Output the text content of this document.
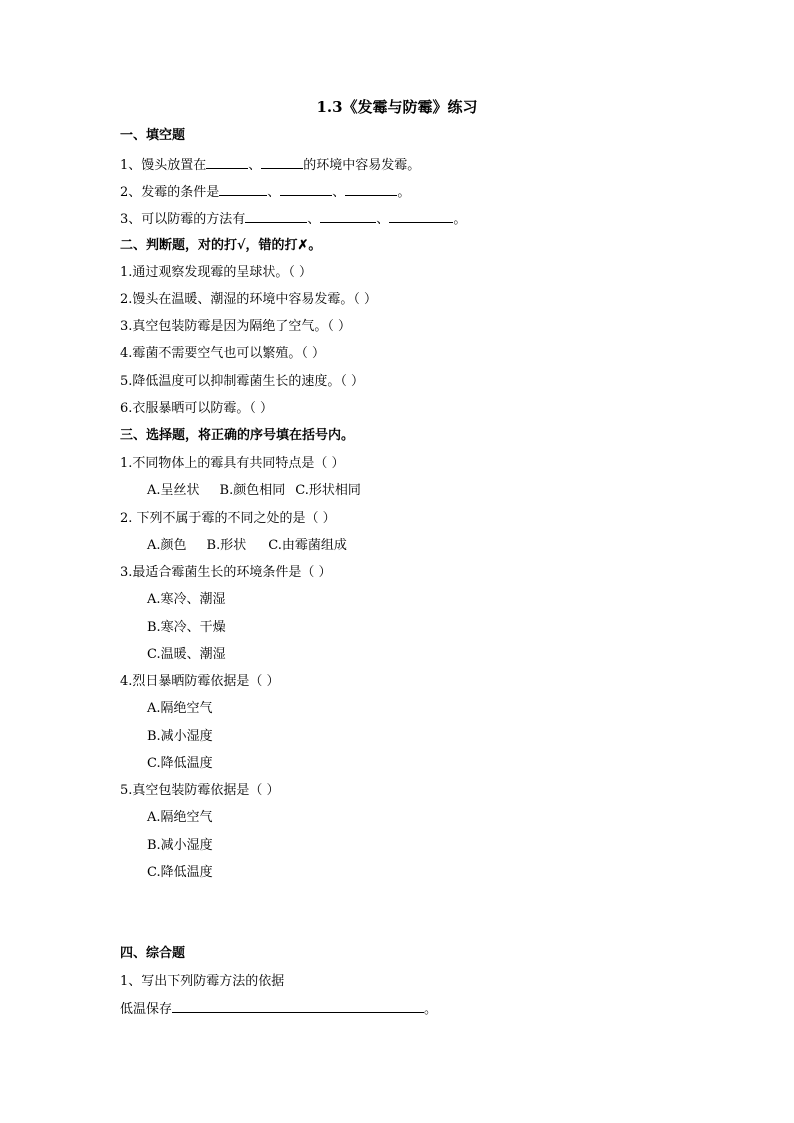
1.3《发霉与防霉》练习
一、填空题
1、馒头放置在	、	的环境中容易发霉。
2、发霉的条件是	、	、	。
3、可以防霉的方法有	、	、	。
二、判断题，对的打√，错的打✗。
1.通过观察发现霉的呈球状。（ ）
2.馒头在温暖、潮湿的环境中容易发霉。（ ）
3.真空包装防霉是因为隔绝了空气。（ ）
4.霉菌不需要空气也可以繁殖。（ ）
5.降低温度可以抑制霉菌生长的速度。（ ）
6.衣服暴晒可以防霉。（ ）
三、选择题，将正确的序号填在括号内。
1.不同物体上的霉具有共同特点是（ ）
A.呈丝状 B.颜色相同 C.形状相同
2. 下列不属于霉的不同之处的是（ ）
A.颜色 B.形状 C.由霉菌组成
3.最适合霉菌生长的环境条件是（ ）
A.寒冷、潮湿
B.寒冷、干燥
C.温暖、潮湿
4.烈日暴晒防霉依据是（ ）
A.隔绝空气
B.减小湿度
C.降低温度
5.真空包装防霉依据是（ ）
A.隔绝空气
B.减小湿度
C.降低温度
四、综合题
1、写出下列防霉方法的依据
低温保存	。
